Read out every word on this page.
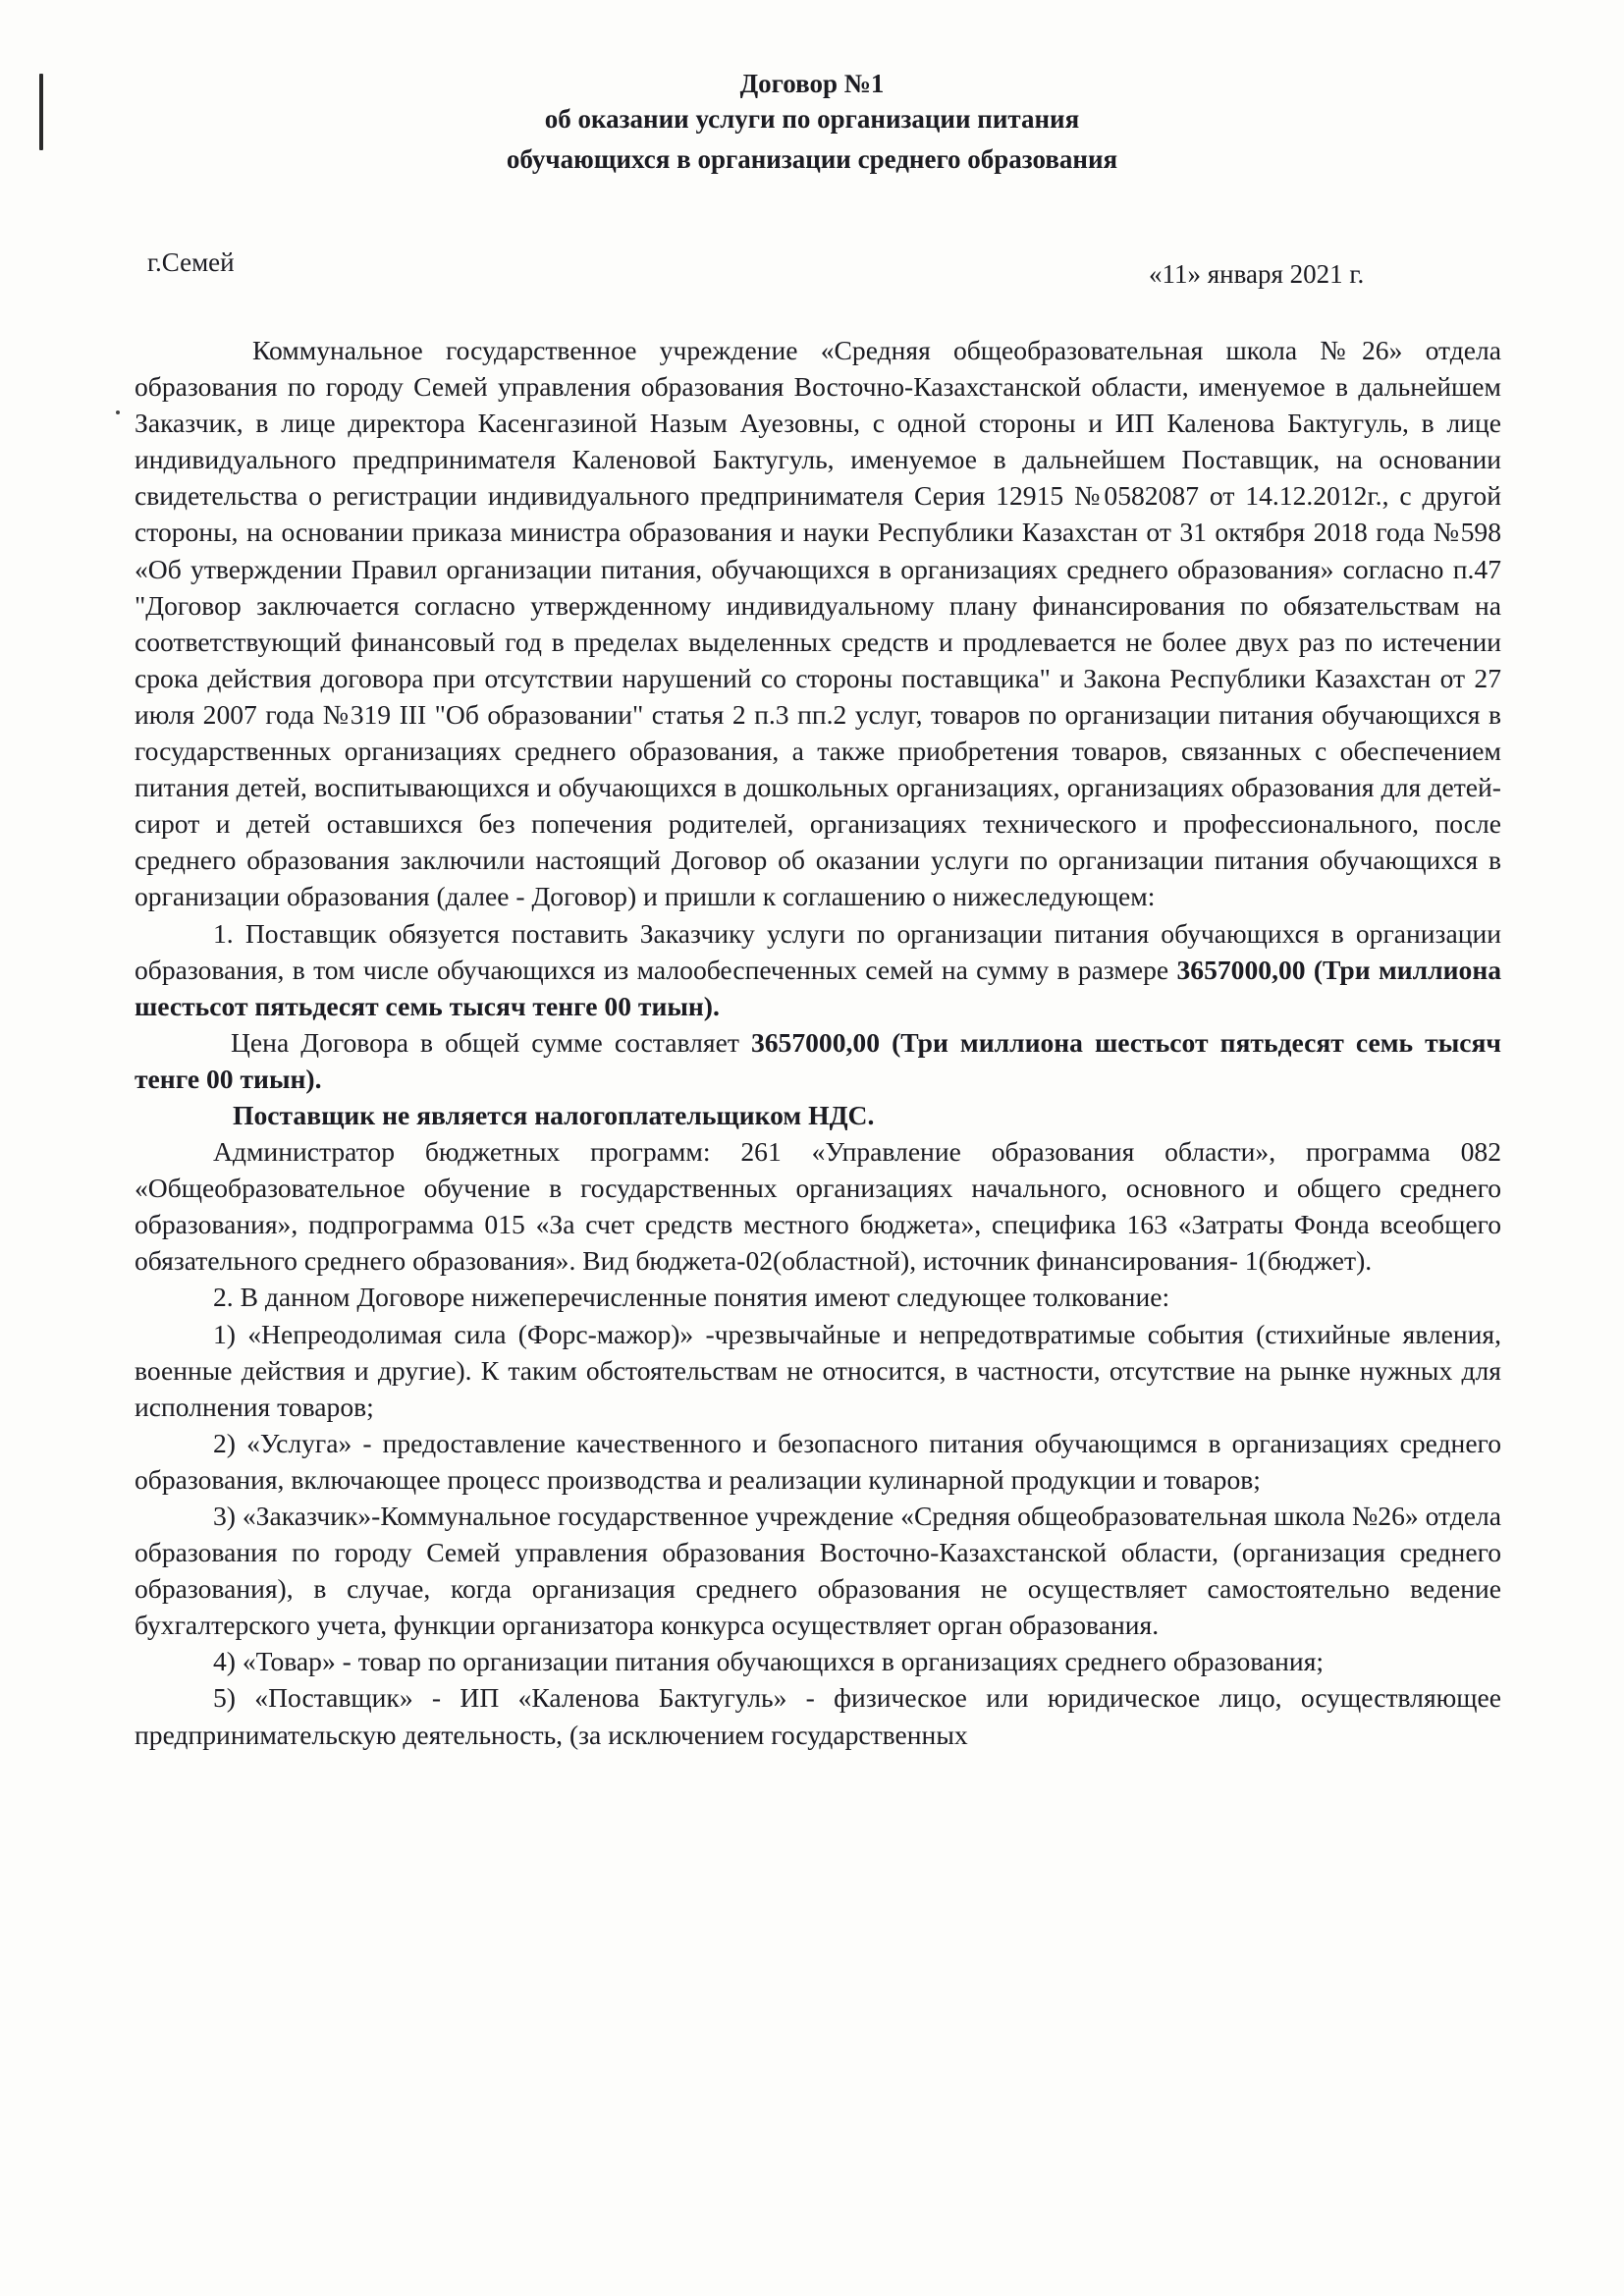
Договор №1
об оказании услуги по организации питания
обучающихся в организации среднего образования
г.Семей	«11» января 2021 г.

Коммунальное государственное учреждение «Средняя общеобразовательная школа №26» отдела образования по городу Семей управления образования Восточно-Казахстанской области, именуемое в дальнейшем Заказчик, в лице директора Касенгазиной Назым Ауезовны, с одной стороны и ИП Каленова Бактугуль, в лице индивидуального предпринимателя Каленовой Бактугуль, именуемое в дальнейшем Поставщик, на основании свидетельства о регистрации индивидуального предпринимателя Серия 12915 №0582087 от 14.12.2012г., с другой стороны, на основании приказа министра образования и науки Республики Казахстан от 31 октября 2018 года №598 «Об утверждении Правил организации питания, обучающихся в организациях среднего образования» согласно п.47 "Договор заключается согласно утвержденному индивидуальному плану финансирования по обязательствам на соответствующий финансовый год в пределах выделенных средств и продлевается не более двух раз по истечении срока действия договора при отсутствии нарушений со стороны поставщика" и Закона Республики Казахстан от 27 июля 2007 года №319 III "Об образовании" статья 2 п.3 пп.2 услуг, товаров по организации питания обучающихся в государственных организациях среднего образования, а также приобретения товаров, связанных с обеспечением питания детей, воспитывающихся и обучающихся в дошкольных организациях, организациях образования для детей-сирот и детей оставшихся без попечения родителей, организациях технического и профессионального, после среднего образования заключили настоящий Договор об оказании услуги по организации питания обучающихся в организации образования (далее - Договор) и пришли к соглашению о нижеследующем:

1. Поставщик обязуется поставить Заказчику услуги по организации питания обучающихся в организации образования, в том числе обучающихся из малообеспеченных семей на сумму в размере 3657000,00 (Три миллиона шестьсот пятьдесят семь тысяч тенге 00 тиын).

Цена Договора в общей сумме составляет 3657000,00 (Три миллиона шестьсот пятьдесят семь тысяч тенге 00 тиын).

Поставщик не является налогоплательщиком НДС.

Администратор бюджетных программ: 261 «Управление образования области», программа 082 «Общеобразовательное обучение в государственных организациях начального, основного и общего среднего образования», подпрограмма 015 «За счет средств местного бюджета», специфика 163 «Затраты Фонда всеобщего обязательного среднего образования». Вид бюджета-02(областной), источник финансирования- 1(бюджет).

2. В данном Договоре нижеперечисленные понятия имеют следующее толкование:

1) «Непреодолимая сила (Форс-мажор)» -чрезвычайные и непредотвратимые события (стихийные явления, военные действия и другие). К таким обстоятельствам не относится, в частности, отсутствие на рынке нужных для исполнения товаров;

2) «Услуга» - предоставление качественного и безопасного питания обучающимся в организациях среднего образования, включающее процесс производства и реализации кулинарной продукции и товаров;

3) «Заказчик»-Коммунальное государственное учреждение «Средняя общеобразовательная школа №26» отдела образования по городу Семей управления образования Восточно-Казахстанской области, (организация среднего образования), в случае, когда организация среднего образования не осуществляет самостоятельно ведение бухгалтерского учета, функции организатора конкурса осуществляет орган образования.

4) «Товар» - товар по организации питания обучающихся в организациях среднего образования;

5) «Поставщик» - ИП «Каленова Бактугуль» - физическое или юридическое лицо, осуществляющее предпринимательскую деятельность, (за исключением государственных
